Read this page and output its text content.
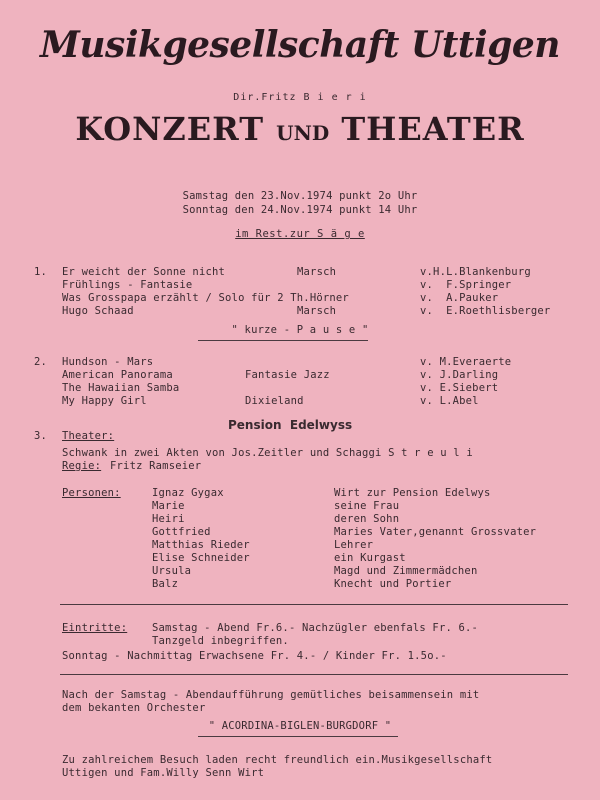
Musikgesellschaft Uttigen
Dir.Fritz B i e r i
KONZERT UND THEATER
Samstag den 23.Nov.1974 punkt 2o Uhr
Sonntag den 24.Nov.1974 punkt 14 Uhr
im Rest.zur S ä g e
1. Er weicht der Sonne nicht	Marsch	v.H.L.Blankenburg
Frühlings - Fantasie	v.  F.Springer
Was Grosspapa erzählt / Solo für 2 Th.Hörner	v.  A.Pauker
Hugo Schaad	Marsch	v.  E.Roethlisberger
" kurze - P a u s e "
2. Hundson - Mars	v. M.Everaerte
American Panorama	Fantasie Jazz	v. J.Darling
The Hawaiian Samba	v. E.Siebert
My Happy Girl	Dixieland	v. L.Abel
3. Theater:
Pension  Edelwyss
Schwank in zwei Akten von Jos.Zeitler und Schaggi S t r e u l i
Regie: Fritz Ramseier
Personen:	Ignaz Gygax	Wirt zur Pension Edelwys
Marie	seine Frau
Heiri	deren Sohn
Gottfried	Maries Vater,genannt Grossvater
Matthias Rieder	Lehrer
Elise Schneider	ein Kurgast
Ursula	Magd und Zimmermädchen
Balz	Knecht und Portier
Eintritte: Samstag - Abend Fr.6.- Nachzügler ebenfals Fr. 6.-
Tanzgeld inbegriffen.
Sonntag - Nachmittag Erwachsene Fr. 4.- / Kinder Fr. 1.5o.-
Nach der Samstag - Abendaufführung gemütliches beisammensein mit
dem bekanten Orchester
" ACORDINA-BIGLEN-BURGDORF "
Zu zahlreichem Besuch laden recht freundlich ein.Musikgesellschaft
Uttigen und Fam.Willy Senn Wirt
